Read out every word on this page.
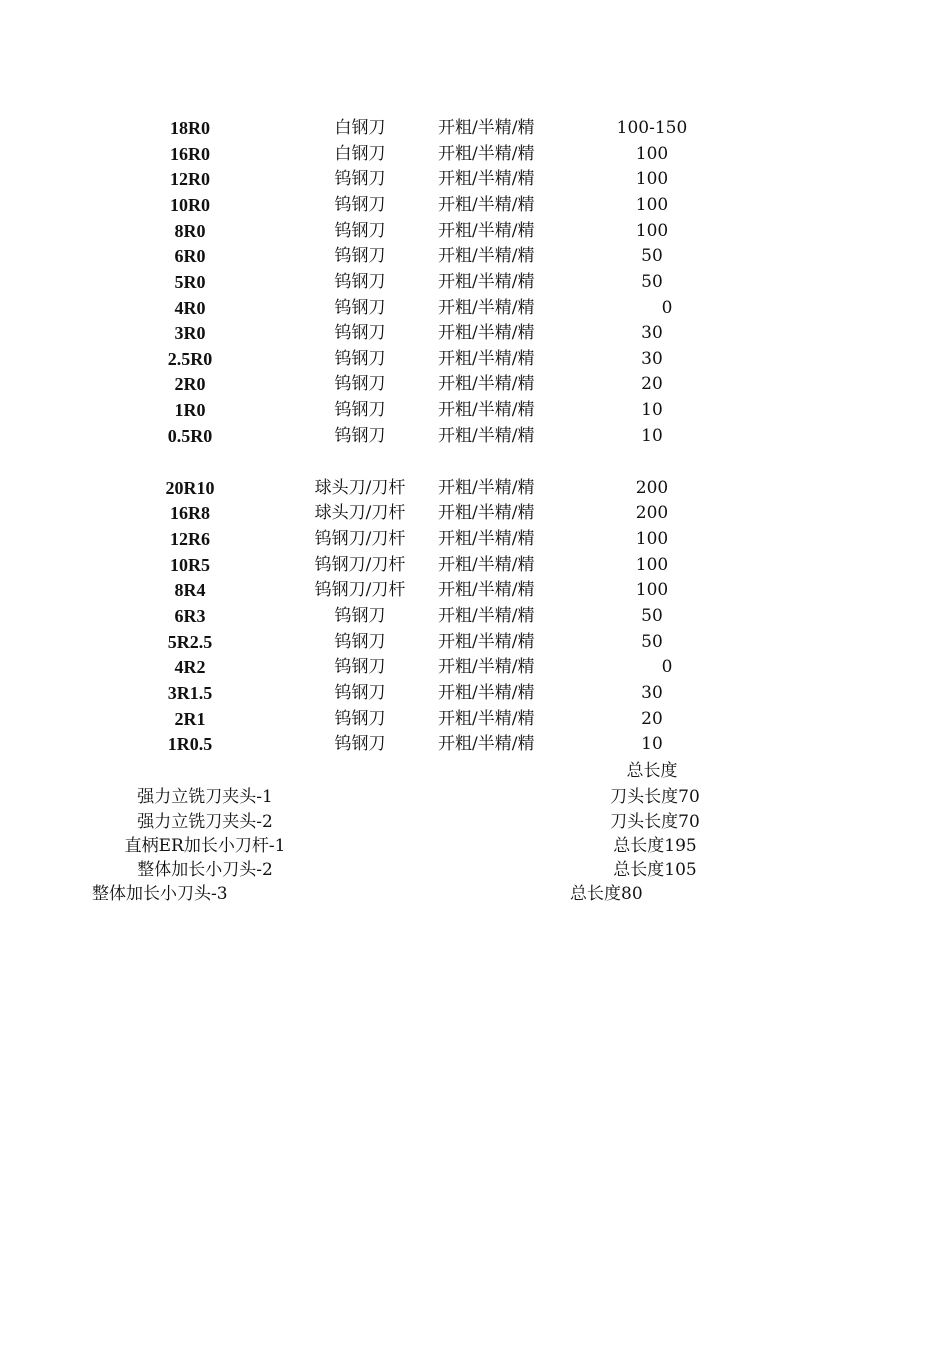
18R0	白钢刀	开粗/半精/精	100-150
16R0	白钢刀	开粗/半精/精	100
12R0	钨钢刀	开粗/半精/精	100
10R0	钨钢刀	开粗/半精/精	100
8R0	钨钢刀	开粗/半精/精	100
6R0	钨钢刀	开粗/半精/精	50
5R0	钨钢刀	开粗/半精/精	50
4R0	钨钢刀	开粗/半精/精	0
3R0	钨钢刀	开粗/半精/精	30
2.5R0	钨钢刀	开粗/半精/精	30
2R0	钨钢刀	开粗/半精/精	20
1R0	钨钢刀	开粗/半精/精	10
0.5R0	钨钢刀	开粗/半精/精	10
20R10	球头刀/刀杆	开粗/半精/精	200
16R8	球头刀/刀杆	开粗/半精/精	200
12R6	钨钢刀/刀杆	开粗/半精/精	100
10R5	钨钢刀/刀杆	开粗/半精/精	100
8R4	钨钢刀/刀杆	开粗/半精/精	100
6R3	钨钢刀	开粗/半精/精	50
5R2.5	钨钢刀	开粗/半精/精	50
4R2	钨钢刀	开粗/半精/精	0
3R1.5	钨钢刀	开粗/半精/精	30
2R1	钨钢刀	开粗/半精/精	20
1R0.5	钨钢刀	开粗/半精/精	10
总长度
强力立铣刀夹头-1	刀头长度70
强力立铣刀夹头-2	刀头长度70
直柄ER加长小刀杆-1	总长度195
整体加长小刀头-2	总长度105
整体加长小刀头-3	总长度80
